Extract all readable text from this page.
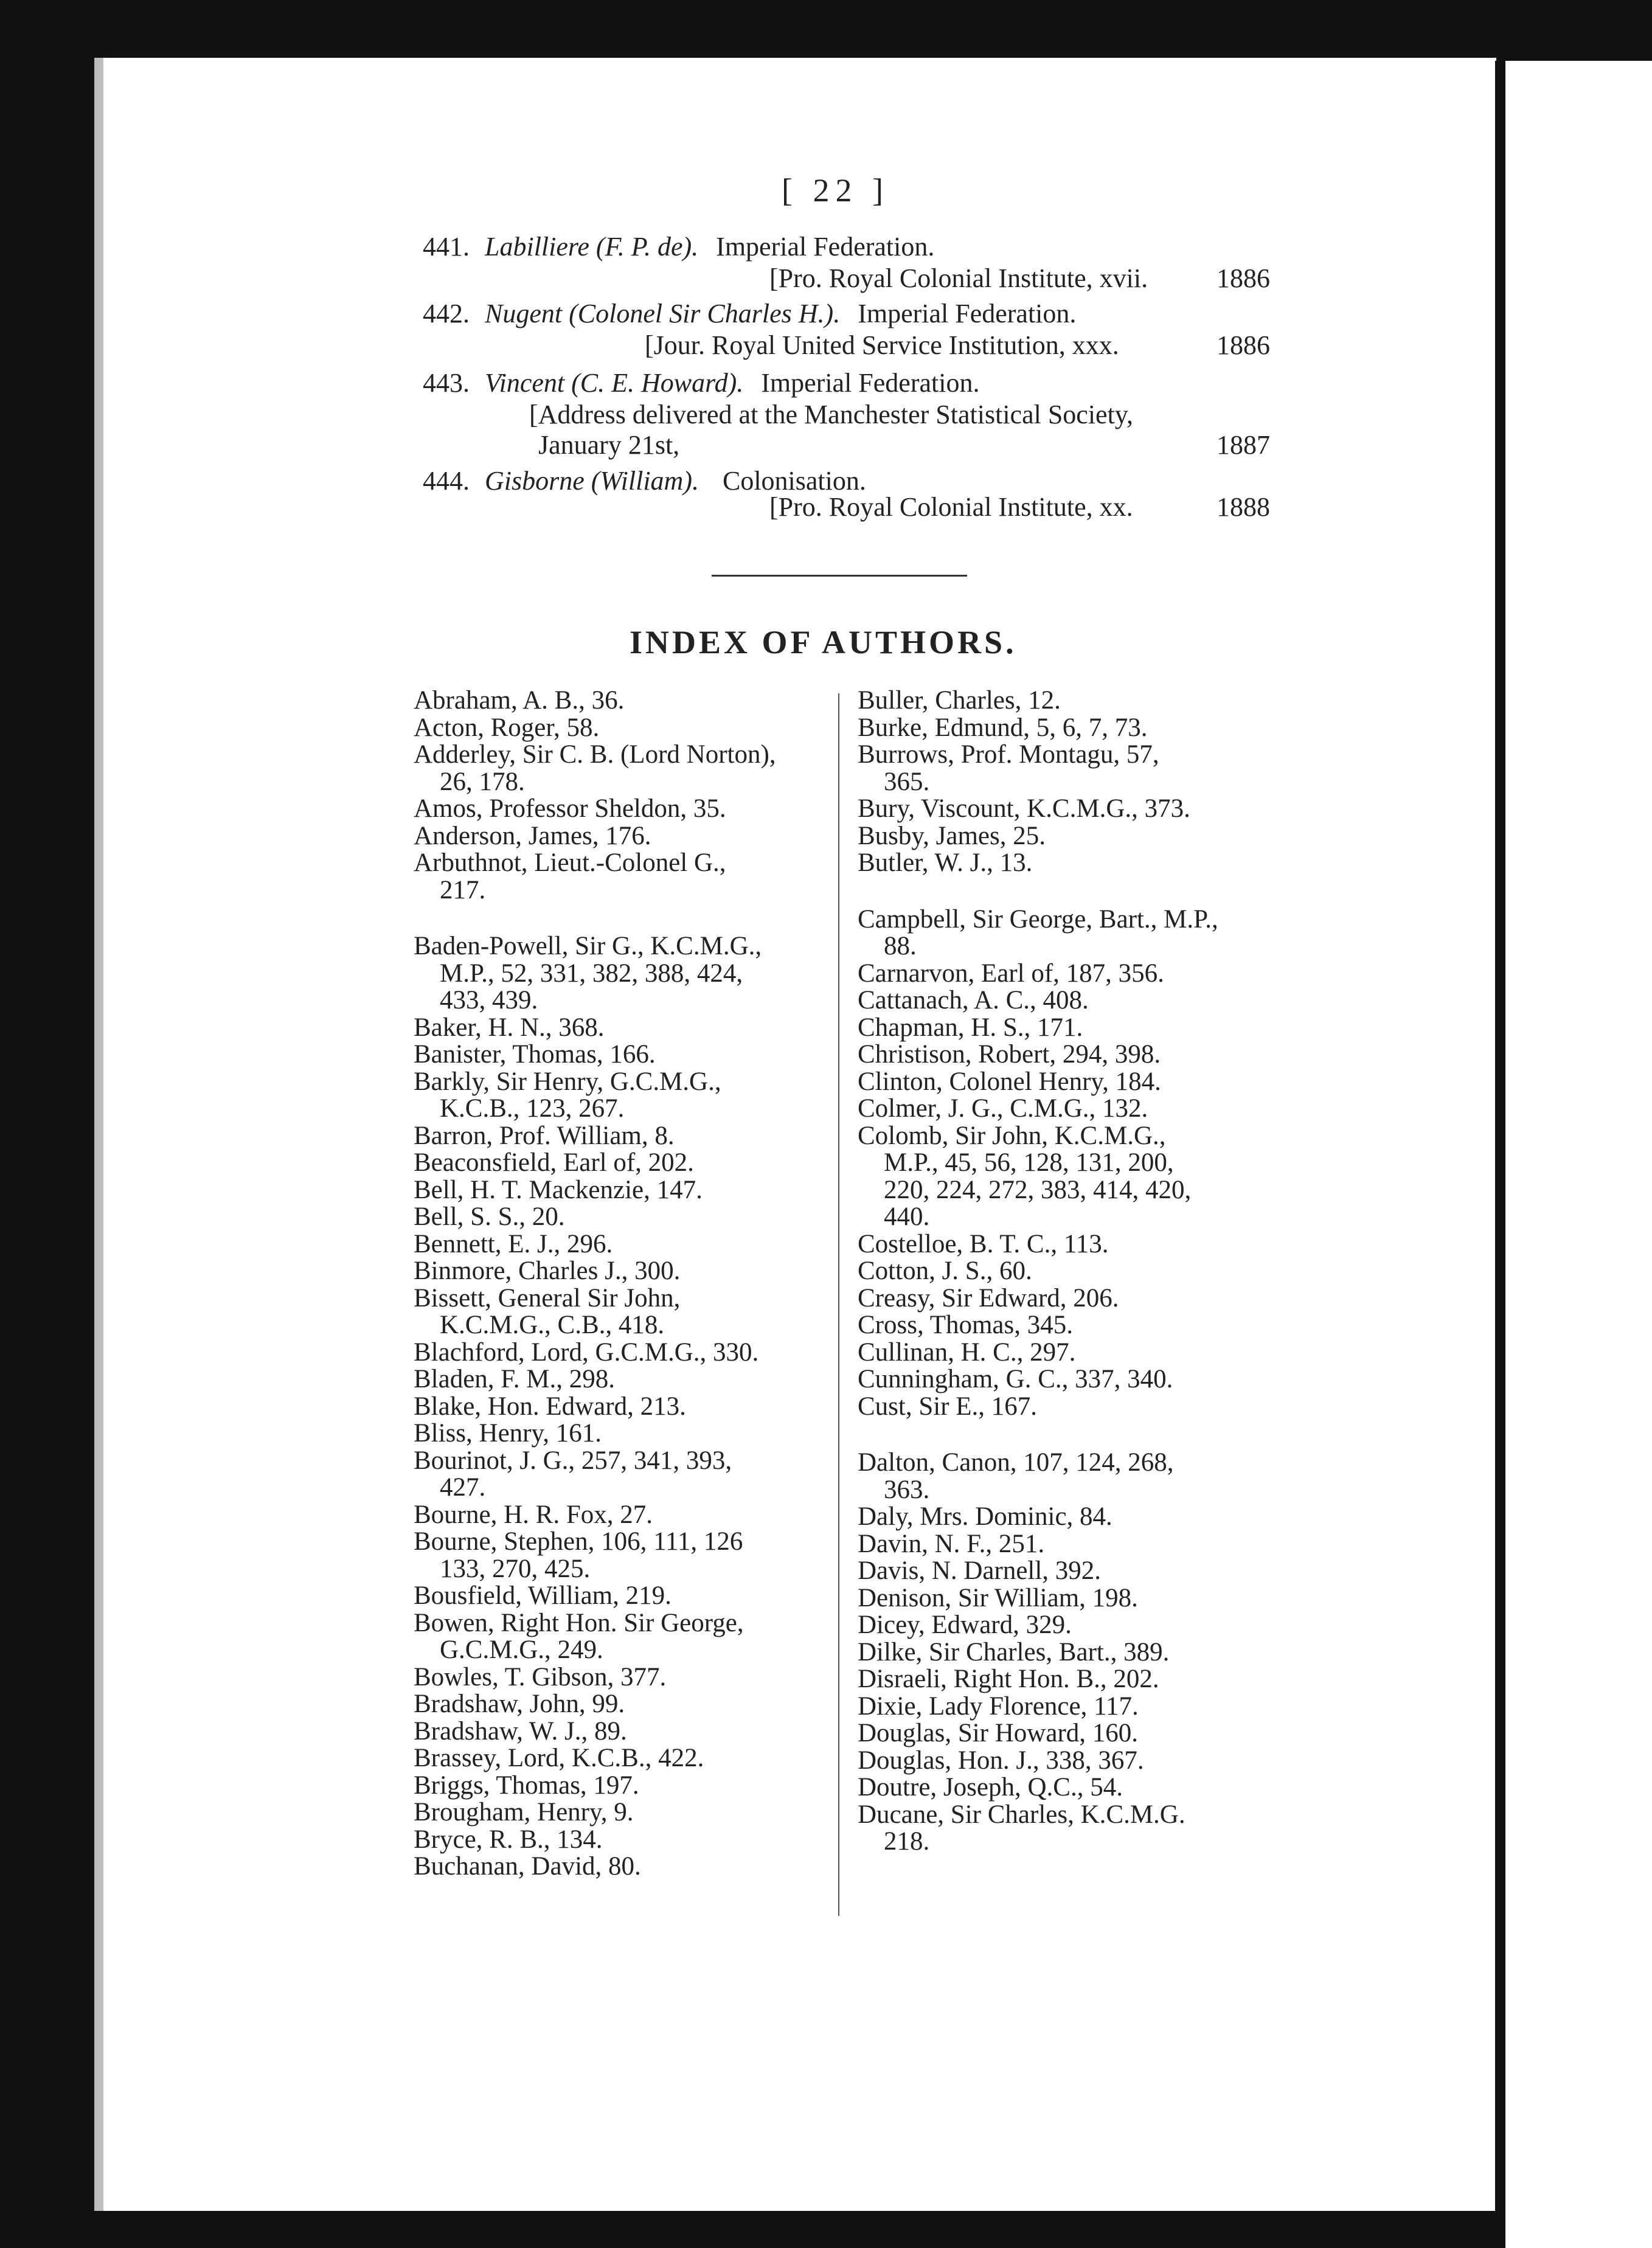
[ 22 ]
441. Labilliere (F. P. de). Imperial Federation.
[Pro. Royal Colonial Institute, xvii.	1886
442. Nugent (Colonel Sir Charles H.). Imperial Federation.
[Jour. Royal United Service Institution, xxx.	1886
443. Vincent (C. E. Howard). Imperial Federation.
[Address delivered at the Manchester Statistical Society,
January 21st,	1887
444. Gisborne (William). Colonisation.
[Pro. Royal Colonial Institute, xx.	1888
INDEX OF AUTHORS.
Abraham, A. B., 36.
Acton, Roger, 58.
Adderley, Sir C. B. (Lord Norton),
26, 178.
Amos, Professor Sheldon, 35.
Anderson, James, 176.
Arbuthnot, Lieut.-Colonel G.,
217.
Baden-Powell, Sir G., K.C.M.G.,
M.P., 52, 331, 382, 388, 424,
433, 439.
Baker, H. N., 368.
Banister, Thomas, 166.
Barkly, Sir Henry, G.C.M.G.,
K.C.B., 123, 267.
Barron, Prof. William, 8.
Beaconsfield, Earl of, 202.
Bell, H. T. Mackenzie, 147.
Bell, S. S., 20.
Bennett, E. J., 296.
Binmore, Charles J., 300.
Bissett, General Sir John,
K.C.M.G., C.B., 418.
Blachford, Lord, G.C.M.G., 330.
Bladen, F. M., 298.
Blake, Hon. Edward, 213.
Bliss, Henry, 161.
Bourinot, J. G., 257, 341, 393,
427.
Bourne, H. R. Fox, 27.
Bourne, Stephen, 106, 111, 126
133, 270, 425.
Bousfield, William, 219.
Bowen, Right Hon. Sir George,
G.C.M.G., 249.
Bowles, T. Gibson, 377.
Bradshaw, John, 99.
Bradshaw, W. J., 89.
Brassey, Lord, K.C.B., 422.
Briggs, Thomas, 197.
Brougham, Henry, 9.
Bryce, R. B., 134.
Buchanan, David, 80.
Buller, Charles, 12.
Burke, Edmund, 5, 6, 7, 73.
Burrows, Prof. Montagu, 57,
365.
Bury, Viscount, K.C.M.G., 373.
Busby, James, 25.
Butler, W. J., 13.
Campbell, Sir George, Bart., M.P.,
88.
Carnarvon, Earl of, 187, 356.
Cattanach, A. C., 408.
Chapman, H. S., 171.
Christison, Robert, 294, 398.
Clinton, Colonel Henry, 184.
Colmer, J. G., C.M.G., 132.
Colomb, Sir John, K.C.M.G.,
M.P., 45, 56, 128, 131, 200,
220, 224, 272, 383, 414, 420,
440.
Costelloe, B. T. C., 113.
Cotton, J. S., 60.
Creasy, Sir Edward, 206.
Cross, Thomas, 345.
Cullinan, H. C., 297.
Cunningham, G. C., 337, 340.
Cust, Sir E., 167.
Dalton, Canon, 107, 124, 268,
363.
Daly, Mrs. Dominic, 84.
Davin, N. F., 251.
Davis, N. Darnell, 392.
Denison, Sir William, 198.
Dicey, Edward, 329.
Dilke, Sir Charles, Bart., 389.
Disraeli, Right Hon. B., 202.
Dixie, Lady Florence, 117.
Douglas, Sir Howard, 160.
Douglas, Hon. J., 338, 367.
Doutre, Joseph, Q.C., 54.
Ducane, Sir Charles, K.C.M.G.
218.
